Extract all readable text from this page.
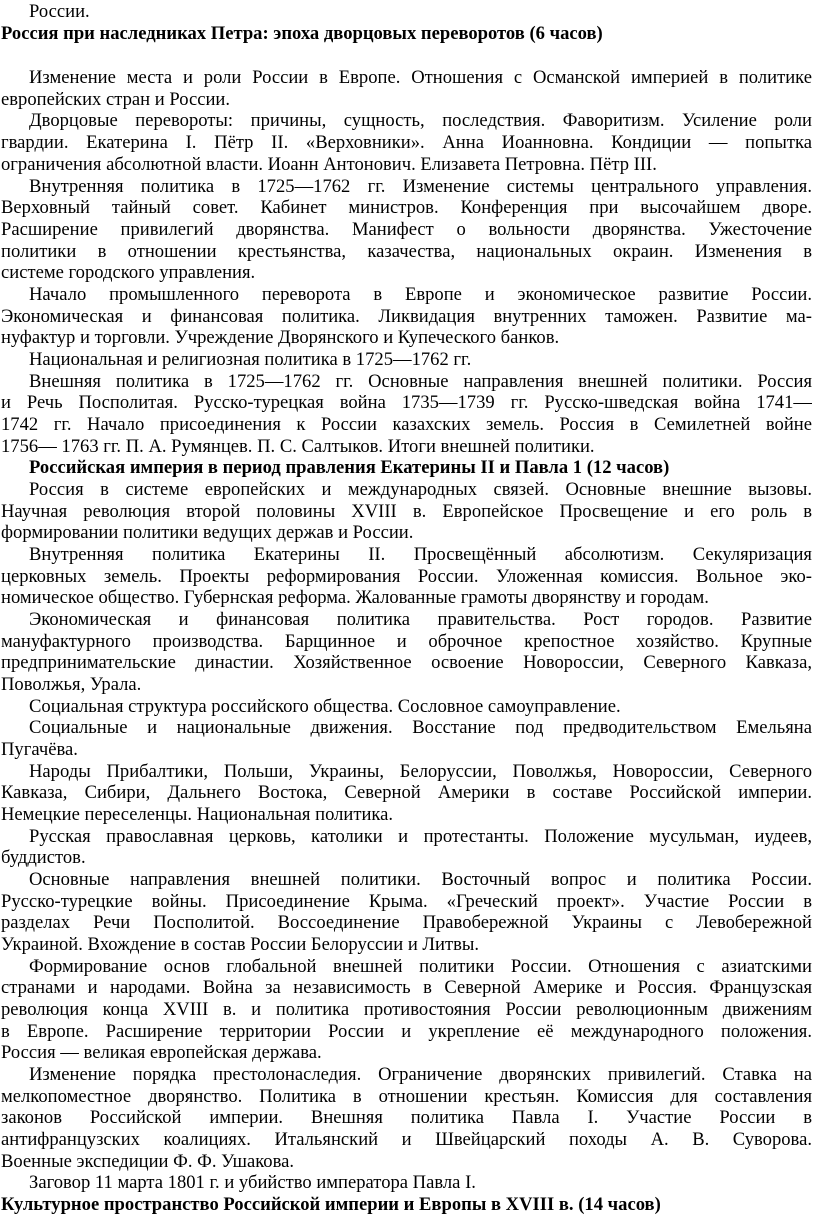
России.
Россия при наследниках Петра: эпоха дворцовых переворотов (6 часов)
Изменение места и роли России в Европе. Отношения с Османской империей в политике
европейских стран и России.
Дворцовые перевороты: причины, сущность, последствия. Фаворитизм. Усиление роли
гвардии. Екатерина I. Пётр II. «Верховники». Анна Иоанновна. Кондиции — попытка
ограничения абсолютной власти. Иоанн Антонович. Елизавета Петровна. Пётр III.
Внутренняя политика в 1725—1762 гг. Изменение системы центрального управления.
Верховный тайный совет. Кабинет министров. Конференция при высочайшем дворе.
Расширение привилегий дворянства. Манифест о вольности дворянства. Ужесточение
политики в отношении крестьянства, казачества, национальных окраин. Изменения в
системе городского управления.
Начало промышленного переворота в Европе и экономическое развитие России.
Экономическая и финансовая политика. Ликвидация внутренних таможен. Развитие ма-
нуфактур и торговли. Учреждение Дворянского и Купеческого банков.
Национальная и религиозная политика в 1725—1762 гг.
Внешняя политика в 1725—1762 гг. Основные направления внешней политики. Россия
и Речь Посполитая. Русско-турецкая война 1735—1739 гг. Русско-шведская война 1741—
1742 гг. Начало присоединения к России казахских земель. Россия в Семилетней войне
1756— 1763 гг. П. А. Румянцев. П. С. Салтыков. Итоги внешней политики.
Российская империя в период правления Екатерины II и Павла 1 (12 часов)
Россия в системе европейских и международных связей. Основные внешние вызовы.
Научная революция второй половины XVIII в. Европейское Просвещение и его роль в
формировании политики ведущих держав и России.
Внутренняя политика Екатерины II. Просвещённый абсолютизм. Секуляризация
церковных земель. Проекты реформирования России. Уложенная комиссия. Вольное эко-
номическое общество. Губернская реформа. Жалованные грамоты дворянству и городам.
Экономическая и финансовая политика правительства. Рост городов. Развитие
мануфактурного производства. Барщинное и оброчное крепостное хозяйство. Крупные
предпринимательские династии. Хозяйственное освоение Новороссии, Северного Кавказа,
Поволжья, Урала.
Социальная структура российского общества. Сословное самоуправление.
Социальные и национальные движения. Восстание под предводительством Емельяна
Пугачёва.
Народы Прибалтики, Польши, Украины, Белоруссии, Поволжья, Новороссии, Северного
Кавказа, Сибири, Дальнего Востока, Северной Америки в составе Российской империи.
Немецкие переселенцы. Национальная политика.
Русская православная церковь, католики и протестанты. Положение мусульман, иудеев,
буддистов.
Основные направления внешней политики. Восточный вопрос и политика России.
Русско-турецкие войны. Присоединение Крыма. «Греческий проект». Участие России в
разделах Речи Посполитой. Воссоединение Правобережной Украины с Левобережной
Украиной. Вхождение в состав России Белоруссии и Литвы.
Формирование основ глобальной внешней политики России. Отношения с азиатскими
странами и народами. Война за независимость в Северной Америке и Россия. Французская
революция конца XVIII в. и политика противостояния России революционным движениям
в Европе. Расширение территории России и укрепление её международного положения.
Россия — великая европейская держава.
Изменение порядка престолонаследия. Ограничение дворянских привилегий. Ставка на
мелкопоместное дворянство. Политика в отношении крестьян. Комиссия для составления
законов Российской империи. Внешняя политика Павла I. Участие России в
антифранцузских коалициях. Итальянский и Швейцарский походы А. В. Суворова.
Военные экспедиции Ф. Ф. Ушакова.
Заговор 11 марта 1801 г. и убийство императора Павла I.
Культурное пространство Российской империи и Европы в XVIII в. (14 часов)
